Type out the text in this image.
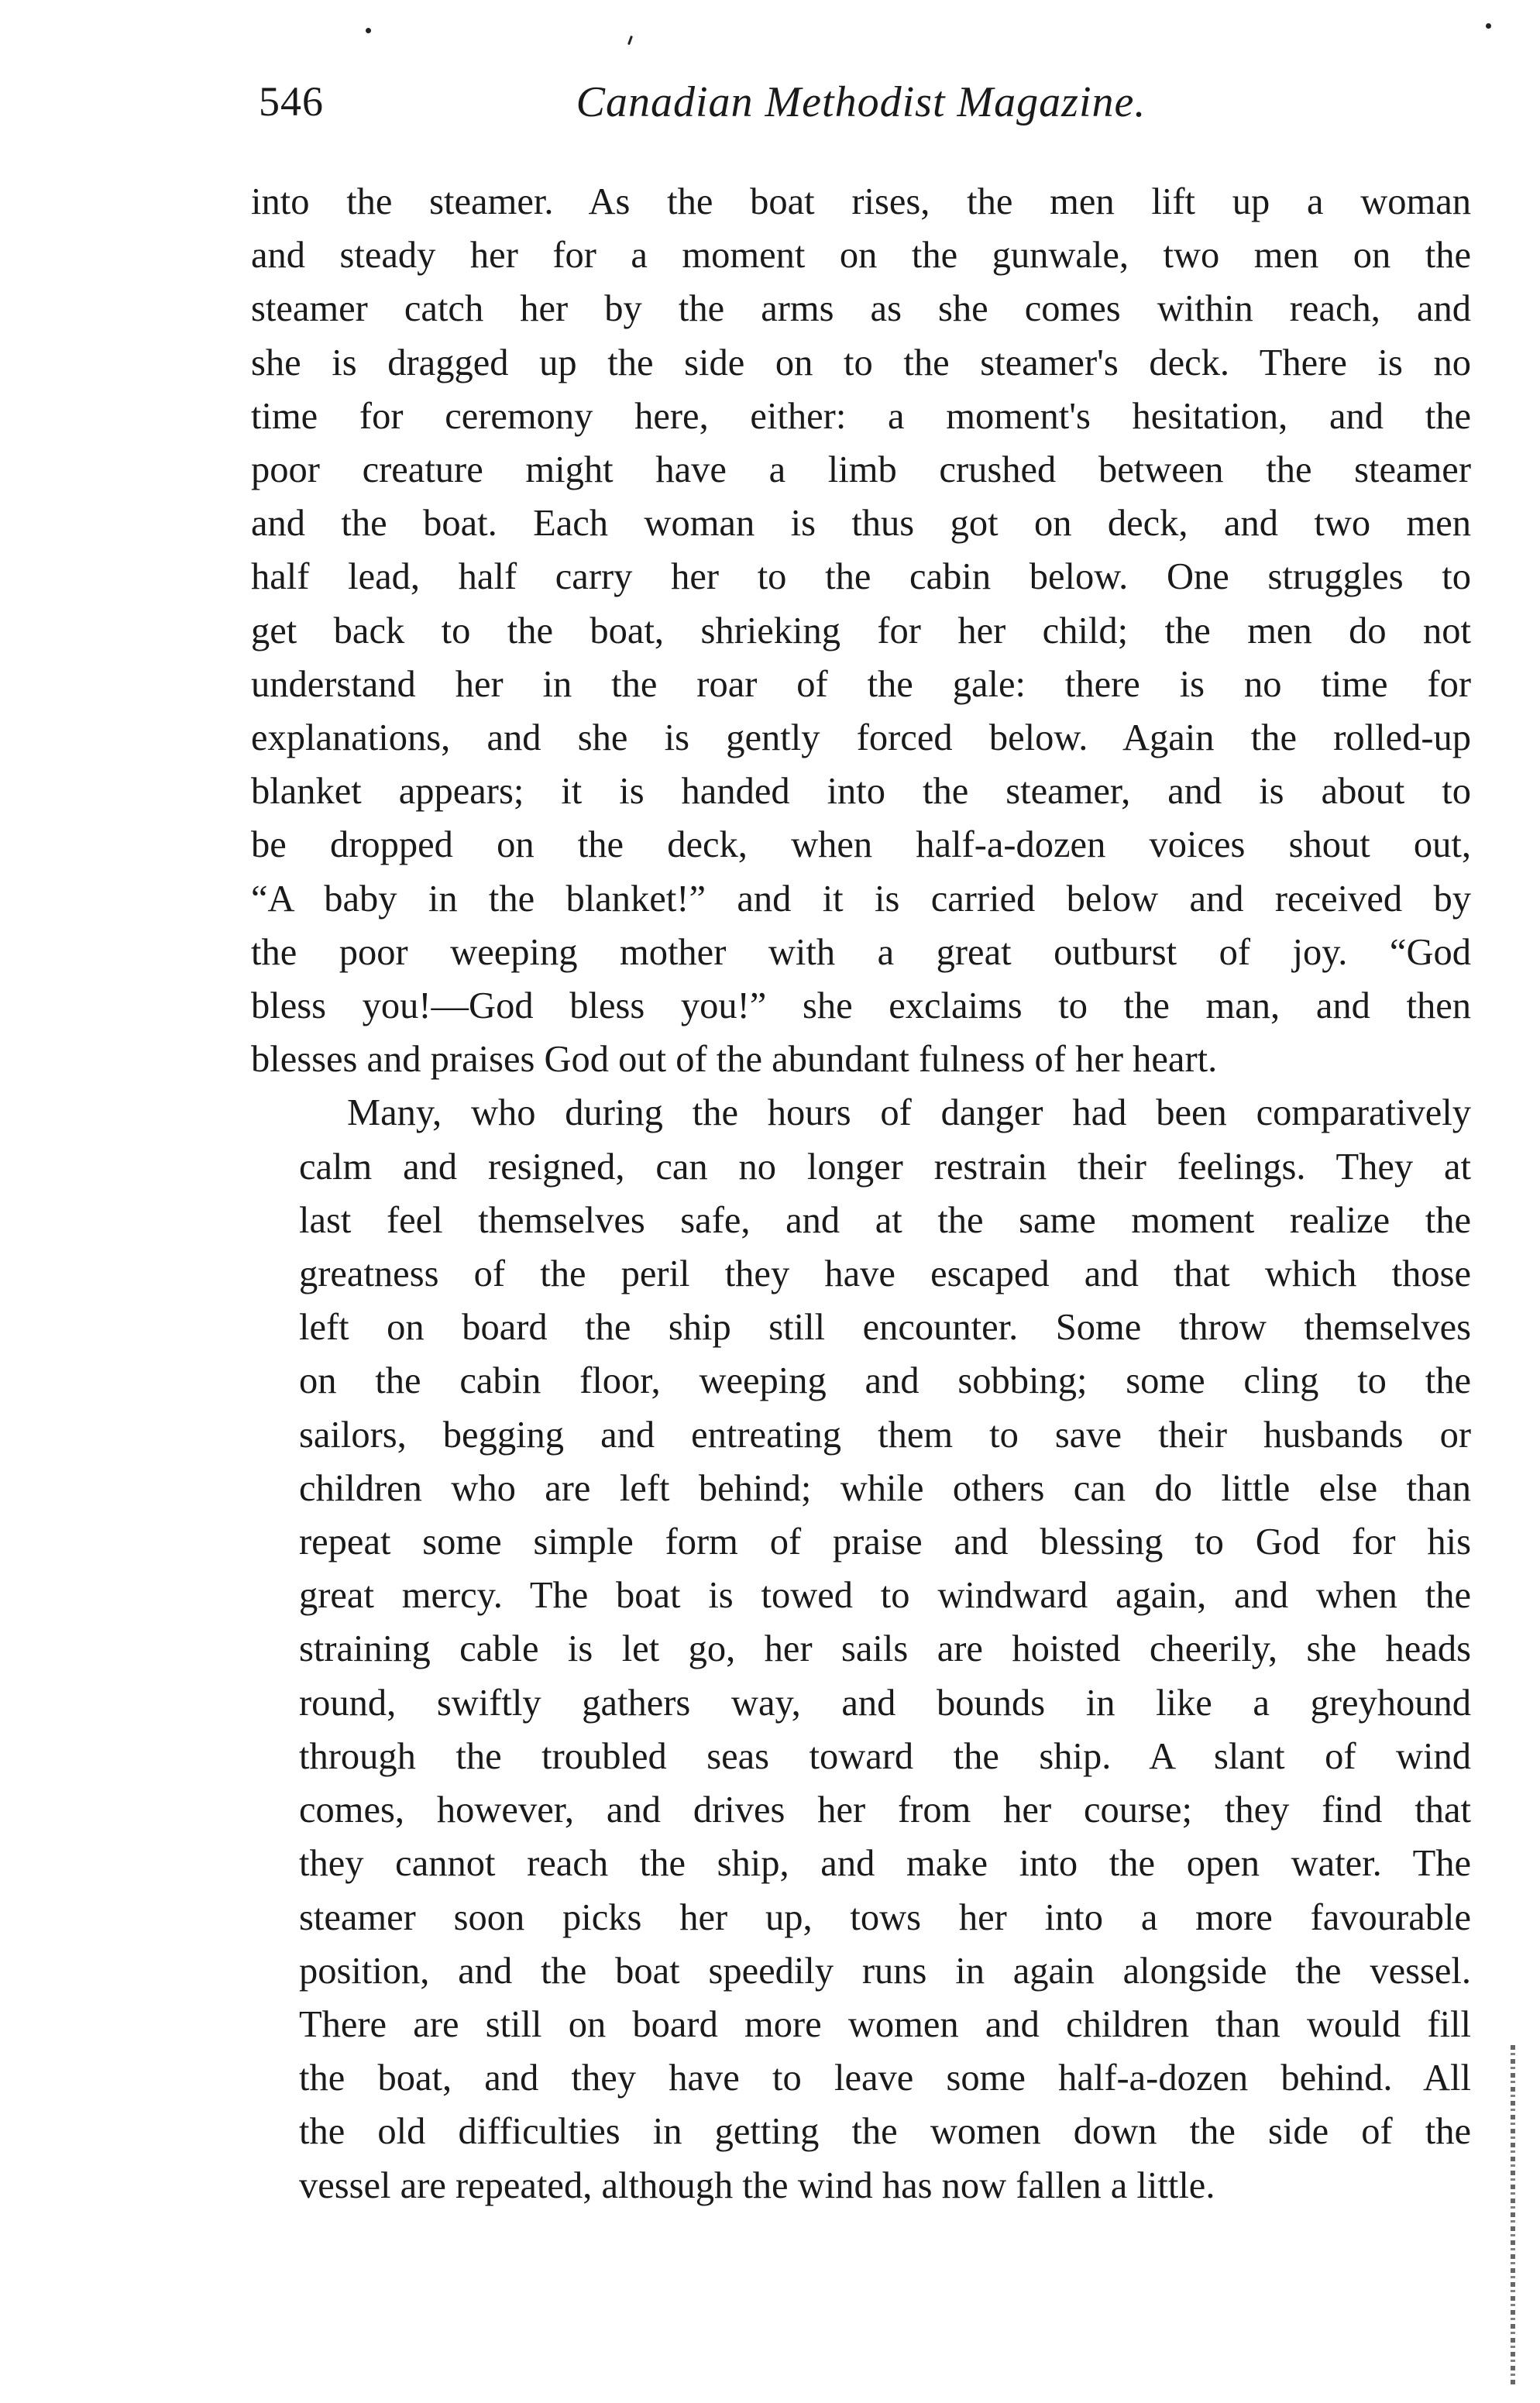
546	Canadian Methodist Magazine.

into the steamer. As the boat rises, the men lift up a woman
and steady her for a moment on the gunwale, two men on the
steamer catch her by the arms as she comes within reach, and
she is dragged up the side on to the steamer's deck. There is no
time for ceremony here, either: a moment's hesitation, and the
poor creature might have a limb crushed between the steamer
and the boat. Each woman is thus got on deck, and two men
half lead, half carry her to the cabin below. One struggles to
get back to the boat, shrieking for her child; the men do not
understand her in the roar of the gale: there is no time for
explanations, and she is gently forced below. Again the rolled-up
blanket appears; it is handed into the steamer, and is about to
be dropped on the deck, when half-a-dozen voices shout out,
“A baby in the blanket!” and it is carried below and received by
the poor weeping mother with a great outburst of joy. “God
bless you!—God bless you!” she exclaims to the man, and then
blesses and praises God out of the abundant fulness of her heart.

Many, who during the hours of danger had been comparatively
calm and resigned, can no longer restrain their feelings. They at
last feel themselves safe, and at the same moment realize the
greatness of the peril they have escaped and that which those
left on board the ship still encounter. Some throw themselves
on the cabin floor, weeping and sobbing; some cling to the
sailors, begging and entreating them to save their husbands or
children who are left behind; while others can do little else than
repeat some simple form of praise and blessing to God for his
great mercy. The boat is towed to windward again, and when the
straining cable is let go, her sails are hoisted cheerily, she heads
round, swiftly gathers way, and bounds in like a greyhound
through the troubled seas toward the ship. A slant of wind
comes, however, and drives her from her course; they find that
they cannot reach the ship, and make into the open water. The
steamer soon picks her up, tows her into a more favourable
position, and the boat speedily runs in again alongside the vessel.
There are still on board more women and children than would fill
the boat, and they have to leave some half-a-dozen behind. All
the old difficulties in getting the women down the side of the
vessel are repeated, although the wind has now fallen a little.
